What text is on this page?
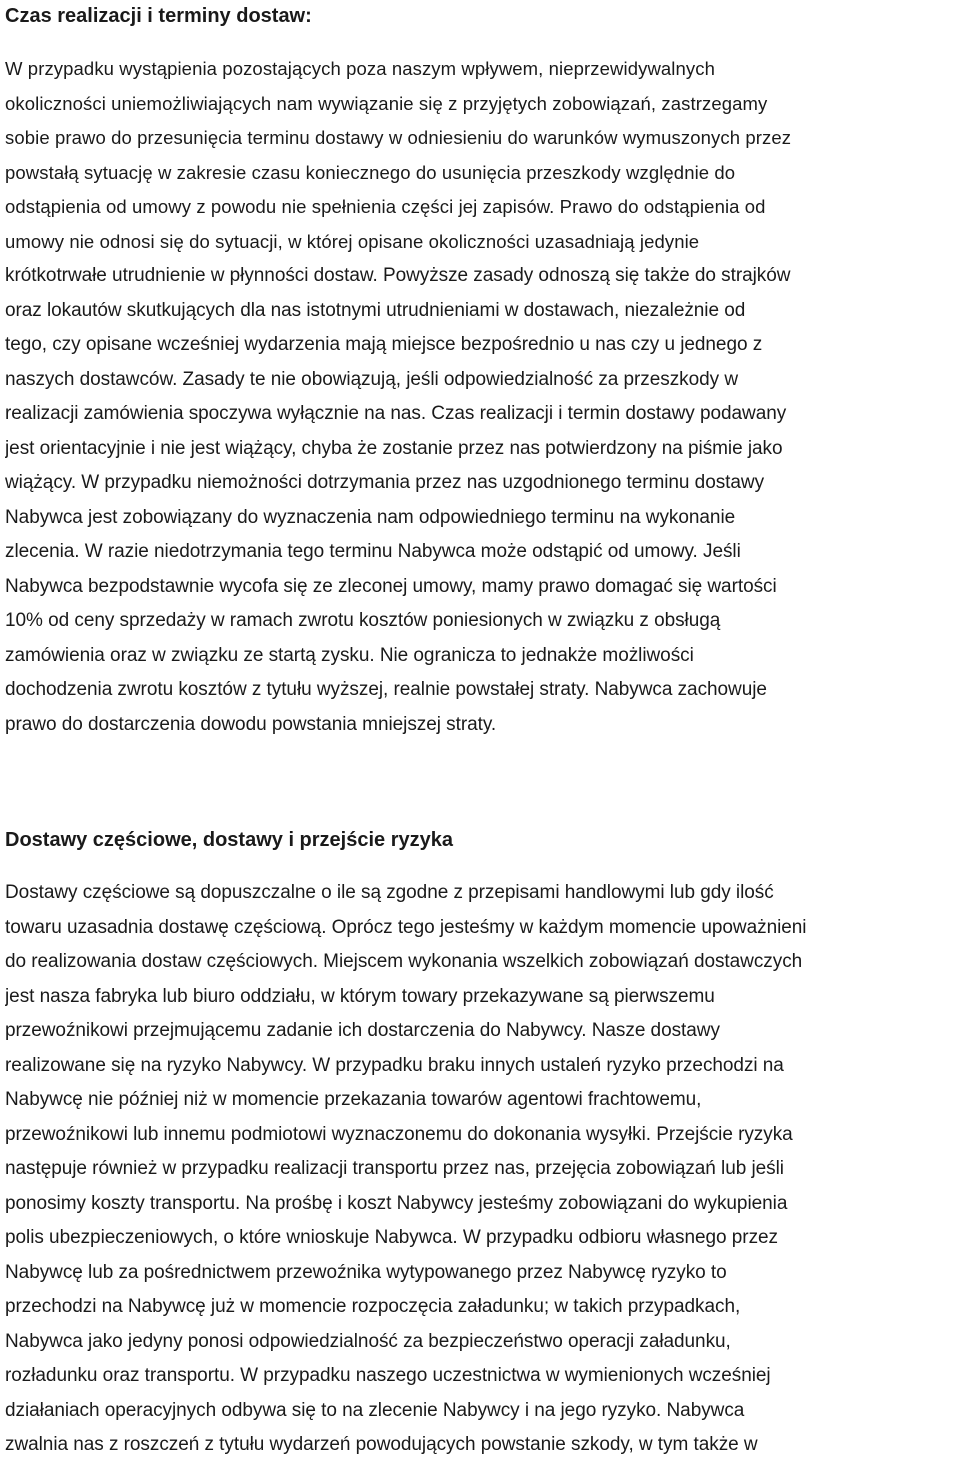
Czas realizacji i terminy dostaw:
W przypadku wystąpienia pozostających poza naszym wpływem, nieprzewidywalnych
okoliczności uniemożliwiających nam wywiązanie się z przyjętych zobowiązań, zastrzegamy
sobie prawo do przesunięcia terminu dostawy w odniesieniu do warunków wymuszonych przez
powstałą sytuację w zakresie czasu koniecznego do usunięcia przeszkody względnie do
odstąpienia od umowy z powodu nie spełnienia części jej zapisów. Prawo do odstąpienia od
umowy nie odnosi się do sytuacji, w której opisane okoliczności uzasadniają jedynie
krótkotrwałe utrudnienie w płynności dostaw. Powyższe zasady odnoszą się także do strajków
oraz lokautów skutkujących dla nas istotnymi utrudnieniami w dostawach, niezależnie od
tego, czy opisane wcześniej wydarzenia mają miejsce bezpośrednio u nas czy u jednego z
naszych dostawców. Zasady te nie obowiązują, jeśli odpowiedzialność za przeszkody w
realizacji zamówienia spoczywa wyłącznie na nas. Czas realizacji i termin dostawy podawany
jest orientacyjnie i nie jest wiążący, chyba że zostanie przez nas potwierdzony na piśmie jako
wiążący. W przypadku niemożności dotrzymania przez nas uzgodnionego terminu dostawy
Nabywca jest zobowiązany do wyznaczenia nam odpowiedniego terminu na wykonanie
zlecenia. W razie niedotrzymania tego terminu Nabywca może odstąpić od umowy. Jeśli
Nabywca bezpodstawnie wycofa się ze zleconej umowy, mamy prawo domagać się wartości
10% od ceny sprzedaży w ramach zwrotu kosztów poniesionych w związku z obsługą
zamówienia oraz w związku ze startą zysku. Nie ogranicza to jednakże możliwości
dochodzenia zwrotu kosztów z tytułu wyższej, realnie powstałej straty. Nabywca zachowuje
prawo do dostarczenia dowodu powstania mniejszej straty.
Dostawy częściowe, dostawy i przejście ryzyka
Dostawy częściowe są dopuszczalne o ile są zgodne z przepisami handlowymi lub gdy ilość
towaru uzasadnia dostawę częściową. Oprócz tego jesteśmy w każdym momencie upoważnieni
do realizowania dostaw częściowych. Miejscem wykonania wszelkich zobowiązań dostawczych
jest nasza fabryka lub biuro oddziału, w którym towary przekazywane są pierwszemu
przewoźnikowi przejmującemu zadanie ich dostarczenia do Nabywcy. Nasze dostawy
realizowane się na ryzyko Nabywcy. W przypadku braku innych ustaleń ryzyko przechodzi na
Nabywcę nie później niż w momencie przekazania towarów agentowi frachtowemu,
przewoźnikowi lub innemu podmiotowi wyznaczonemu do dokonania wysyłki. Przejście ryzyka
następuje również w przypadku realizacji transportu przez nas, przejęcia zobowiązań lub jeśli
ponosimy koszty transportu. Na prośbę i koszt Nabywcy jesteśmy zobowiązani do wykupienia
polis ubezpieczeniowych, o które wnioskuje Nabywca. W przypadku odbioru własnego przez
Nabywcę lub za pośrednictwem przewoźnika wytypowanego przez Nabywcę ryzyko to
przechodzi na Nabywcę już w momencie rozpoczęcia załadunku; w takich przypadkach,
Nabywca jako jedyny ponosi odpowiedzialność za bezpieczeństwo operacji załadunku,
rozładunku oraz transportu. W przypadku naszego uczestnictwa w wymienionych wcześniej
działaniach operacyjnych odbywa się to na zlecenie Nabywcy i na jego ryzyko. Nabywca
zwalnia nas z roszczeń z tytułu wydarzeń powodujących powstanie szkody, w tym także w
